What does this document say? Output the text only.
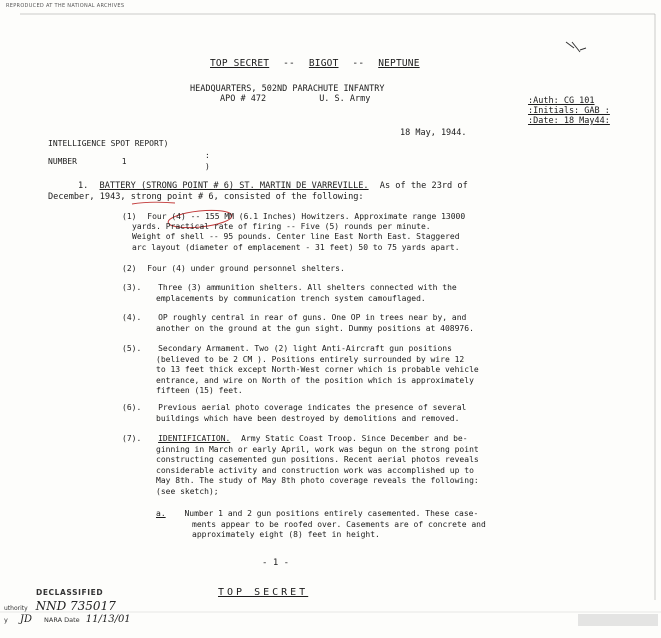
REPRODUCED AT THE NATIONAL ARCHIVES
TOP SECRET -- BIGOT -- NEPTUNE
HEADQUARTERS, 502ND PARACHUTE INFANTRY
APO # 472	U. S. Army	:Auth: CG 101
:Initials: GAB :
:Date: 18 May44:
18 May, 1944.
INTELLIGENCE SPOT REPORT)
:
NUMBER	1
)
1. BATTERY (STRONG POINT # 6) ST. MARTIN DE VARREVILLE. As of the 23rd of
December, 1943, strong point # 6, consisted of the following:
(1) Four (4) -- 155 MM (6.1 Inches) Howitzers. Approximate range 13000
yards. Practical rate of firing -- Five (5) rounds per minute.
Weight of shell -- 95 pounds. Center line East North East. Staggered
arc layout (diameter of emplacement - 31 feet) 50 to 75 yards apart.
(2) Four (4) under ground personnel shelters.
(3). Three (3) ammunition shelters. All shelters connected with the
emplacements by communication trench system camouflaged.
(4). OP roughly central in rear of guns. One OP in trees near by, and
another on the ground at the gun sight. Dummy positions at 408976.
(5). Secondary Armament. Two (2) light Anti-Aircraft gun positions
(believed to be 2 CM ). Positions entirely surrounded by wire 12
to 13 feet thick except North-West corner which is probable vehicle
entrance, and wire on North of the position which is approximately
fifteen (15) feet.
(6). Previous aerial photo coverage indicates the presence of several
buildings which have been destroyed by demolitions and removed.
(7). IDENTIFICATION. Army Static Coast Troop. Since December and be-
ginning in March or early April, work was begun on the strong point
constructing casemented gun positions. Recent aerial photos reveals
considerable activity and construction work was accomplished up to
May 8th. The study of May 8th photo coverage reveals the following:
(see sketch);
a. Number 1 and 2 gun positions entirely casemented. These case-
ments appear to be roofed over. Casements are of concrete and
approximately eight (8) feet in height.
- 1 -
TOP SECRET
DECLASSIFIED
uthority NND 735017
y JD NARA Date 11/13/01
